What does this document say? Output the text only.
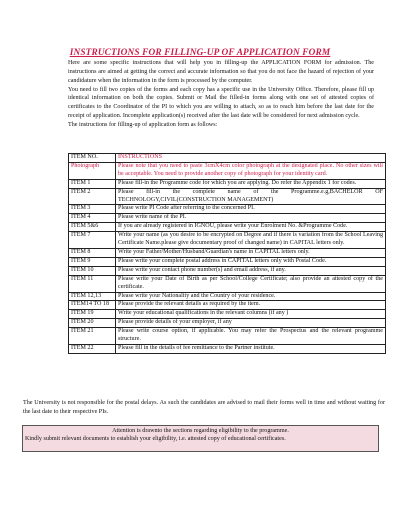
INSTRUCTIONS FOR FILLING-UP OF APPLICATION FORM

Here are some specific instructions that will help you in filling-up the APPLICATION FORM for admission. The instructions are aimed at getting the correct and accurate information so that you do not face the hazard of rejection of your candidature when the information in the form is processed by the computer.

You need to fill two copies of the forms and each copy has a specific use in the University Office. Therefore, please fill up identical information on both the copies. Submit or Mail the filled-in forms along with one set of attested copies of certificates to the Coordinator of the PI to which you are willing to attach, so as to reach him before the last date for the receipt of application. Incomplete application(s) received after the last date will be considered for next admission cycle.

The instructions for filling-up of application form as follows:

ITEM NO.	INSTRUCTIONS
Photograph	Please note that you need to paste 3cmX4cm color photograph at the designated place. No other sizes will be acceptable. You need to provide another copy of photograph for your identity card.
ITEM 1	Please fill-in the Programme code for which you are applying. Do refer the Appendix 1 for codes.
ITEM 2	Please fill-in the complete name of the Programme.e.g,BACHELOR OF TECHNOLOGY,CIVIL(CONSTRUCTION MANAGEMENT)
ITEM 3	Please write PI Code after referring to the concerned PI.
ITEM 4	Please write name of the PI.
ITEM 5&6	If you are already registered in IGNOU, please write your Enrolment No. &Programme Code.
ITEM 7	Write your name (as you desire to be encrypted on Degree and if there is variation from the School Leaving Certificate Name.please give documentary proof of changed name) in CAPITAL letters only.
ITEM 8	Write your Father/Mother/Husband/Guardian's name in CAPITAL letters only.
ITEM 9	Please write your complete postal address in CAPITAL letters only with Postal Code.
ITEM 10	Please write your contact phone number(s) and email address, if any.
ITEM 11	Please write your Date of Birth as per School/College Certificate; also provide an attested copy of the certificate.
ITEM 12,13	Please write your Nationality and the Country of your residence.
ITEM14 TO 18	Please provide the relevant details as required by the item.
ITEM 19	Write your educational qualifications in the relevant columns (if any )
ITEM 20	Please provide details of your employer, if any
ITEM 21	Please write course option, if applicable. You may refer the Prospectus and the relevant programme structure.
ITEM 22	Please fill in the details of fee remittance to the Partner institute.
The University is not responsible for the postal delays. As such the candidates are advised to mail their forms well in time and without waiting for the last date to their respective PIs.
Attention is drawnto the sections regarding eligibility to the programme.
Kindly submit relevant documents to establish your eligibility, i.e. attested copy of educational certificates.
